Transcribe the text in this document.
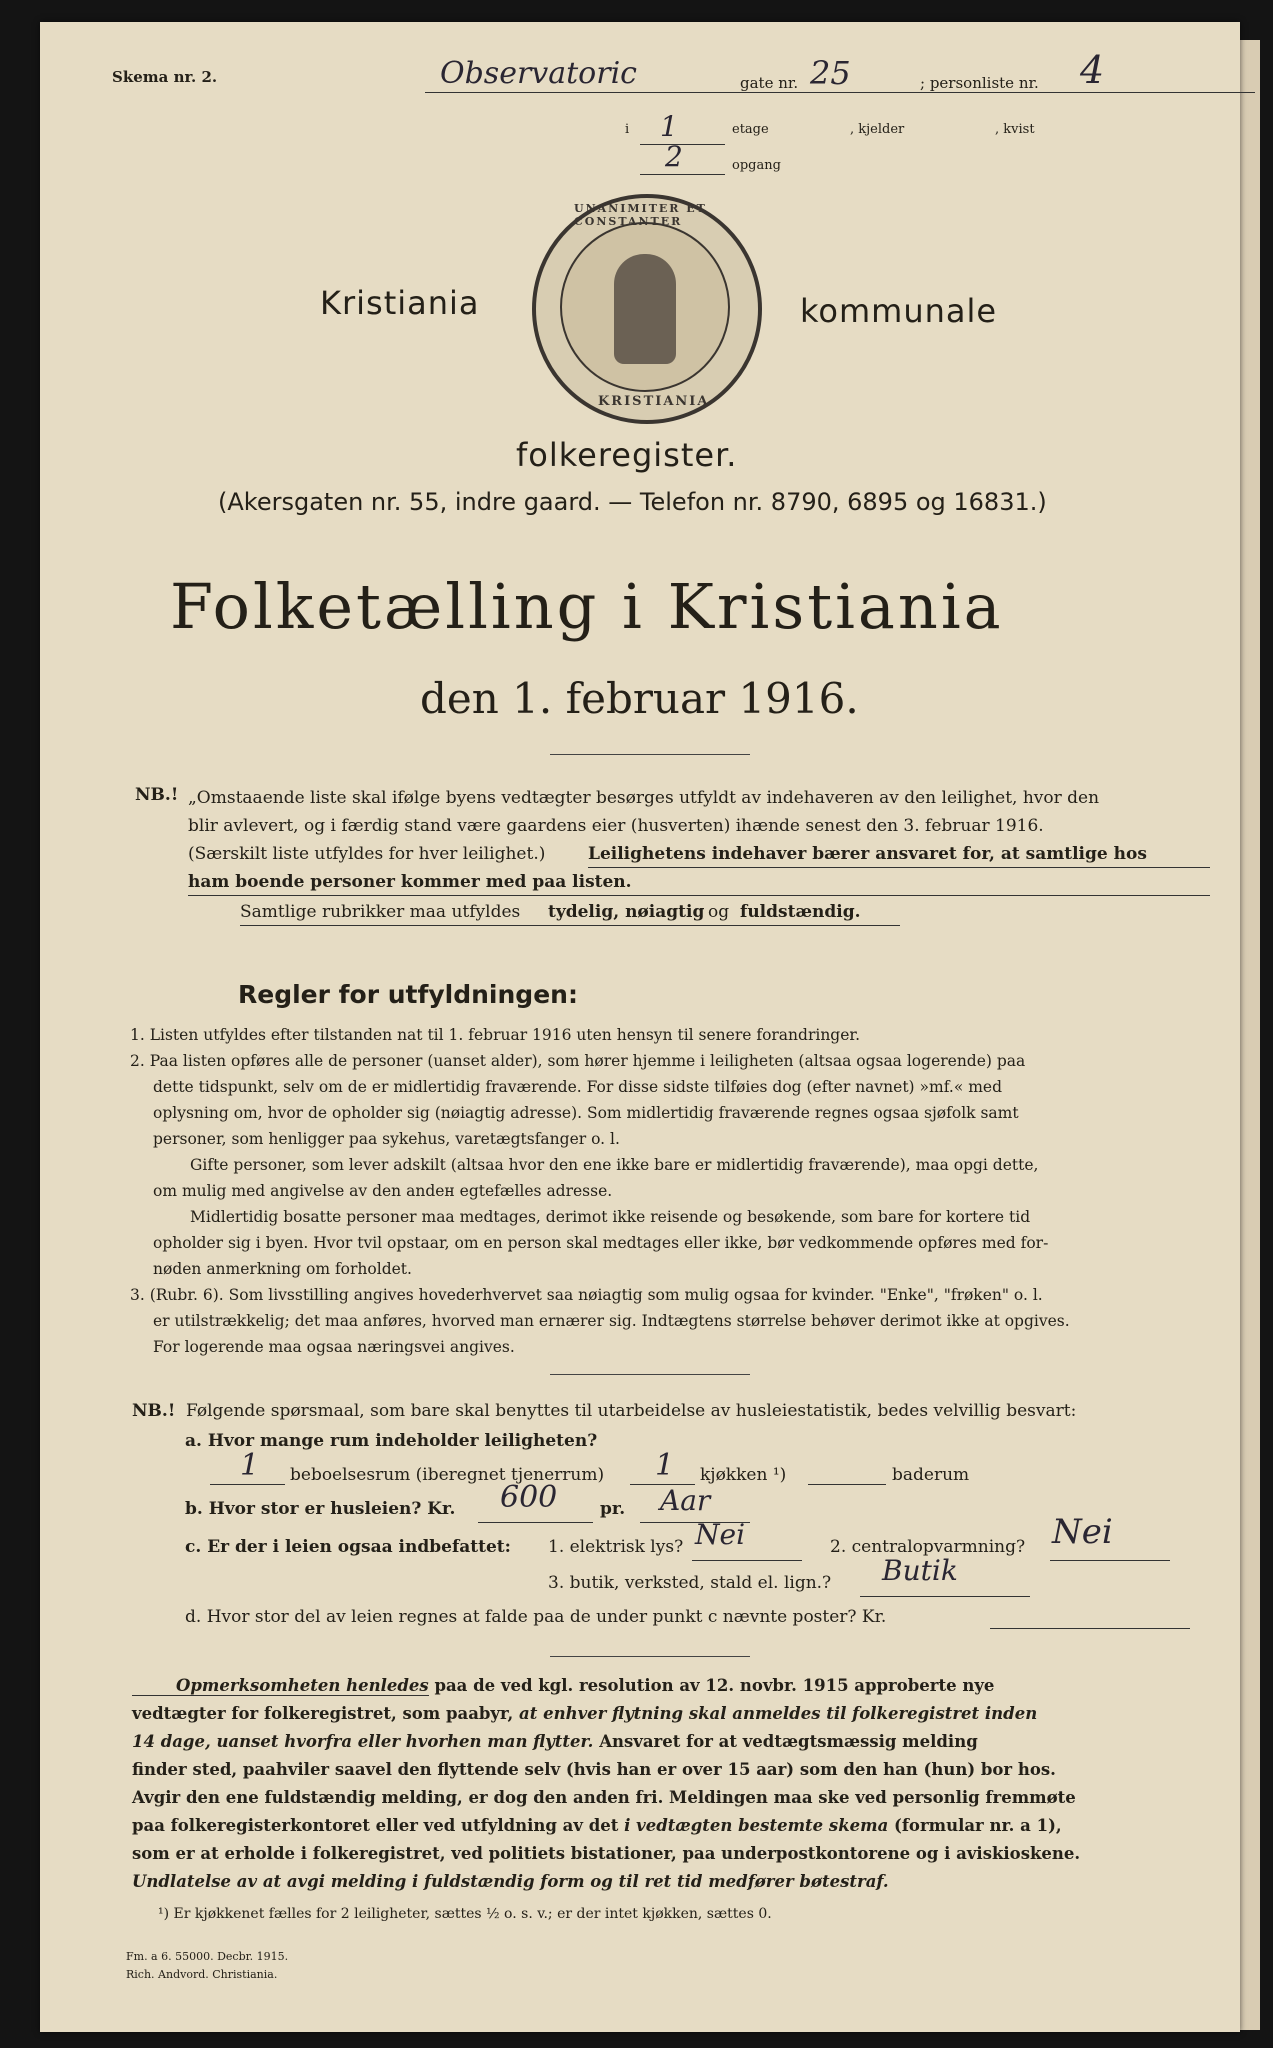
Skema nr. 2.	Observatoric	gate nr. 25	; personliste nr. 4
i 1	etage	, kjelder	, kvist
2	opgang
Kristiania	kommunale
UNANIMITER ET CONSTANTER
KRISTIANIA
folkeregister.
(Akersgaten nr. 55, indre gaard. — Telefon nr. 8790, 6895 og 16831.)
Folketælling i Kristiania
den 1. februar 1916.
NB.! „Omstaaende liste skal ifølge byens vedtægter besørges utfyldt av indehaveren av den leilighet, hvor den
blir avlevert, og i færdig stand være gaardens eier (husverten) ihænde senest den 3. februar 1916.
(Særskilt liste utfyldes for hver leilighet.)	Leilighetens indehaver bærer ansvaret for, at samtlige hos
ham boende personer kommer med paa listen.
Samtlige rubrikker maa utfyldes tydelig, nøiagtig og fuldstændig.
Regler for utfyldningen:
1. Listen utfyldes efter tilstanden nat til 1. februar 1916 uten hensyn til senere forandringer.
2. Paa listen opføres alle de personer (uanset alder), som hører hjemme i leiligheten (altsaa ogsaa logerende) paa
dette tidspunkt, selv om de er midlertidig fraværende. For disse sidste tilføies dog (efter navnet) »mf.« med
oplysning om, hvor de opholder sig (nøiagtig adresse). Som midlertidig fraværende regnes ogsaa sjøfolk samt
personer, som henligger paa sykehus, varetægtsfanger o. l.
Gifte personer, som lever adskilt (altsaa hvor den ene ikke bare er midlertidig fraværende), maa opgi dette,
om mulig med angivelse av den andeн egtefælles adresse.
Midlertidig bosatte personer maa medtages, derimot ikke reisende og besøkende, som bare for kortere tid
opholder sig i byen. Hvor tvil opstaar, om en person skal medtages eller ikke, bør vedkommende opføres med for-
nøden anmerkning om forholdet.
3. (Rubr. 6). Som livsstilling angives hovederhvervet saa nøiagtig som mulig ogsaa for kvinder. "Enke", "frøken" o. l.
er utilstrækkelig; det maa anføres, hvorved man ernærer sig. Indtægtens størrelse behøver derimot ikke at opgives.
For logerende maa ogsaa næringsvei angives.
NB.! Følgende spørsmaal, som bare skal benyttes til utarbeidelse av husleiestatistik, bedes velvillig besvart:
a. Hvor mange rum indeholder leiligheten?
1 beboelsesrum (iberegnet tjenerrum) 1 kjøkken ¹)	baderum
b. Hvor stor er husleien? Kr. 600	pr. Aar
c. Er der i leien ogsaa indbefattet: 1. elektrisk lys? Nei	2. centralopvarmning? Nei
3. butik, verksted, stald el. lign.? Butik
d. Hvor stor del av leien regnes at falde paa de under punkt c nævnte poster? Kr.
Opmerksomheten henledes paa de ved kgl. resolution av 12. novbr. 1915 approberte nye
vedtægter for folkeregistret, som paabyr, at enhver flytning skal anmeldes til folkeregistret inden
14 dage, uanset hvorfra eller hvorhen man flytter. Ansvaret for at vedtægtsmæssig melding
finder sted, paahviler saavel den flyttende selv (hvis han er over 15 aar) som den han (hun) bor hos.
Avgir den ene fuldstændig melding, er dog den anden fri. Meldingen maa ske ved personlig fremmøte
paa folkeregisterkontoret eller ved utfyldning av det i vedtægten bestemte skema (formular nr. a 1),
som er at erholde i folkeregistret, ved politiets bistationer, paa underpostkontorene og i aviskioskene.
Undlatelse av at avgi melding i fuldstændig form og til ret tid medfører bøtestraf.
¹) Er kjøkkenet fælles for 2 leiligheter, sættes ½ o. s. v.; er der intet kjøkken, sættes 0.
Fm. a 6. 55000. Decbr. 1915.
Rich. Andvord. Christiania.
